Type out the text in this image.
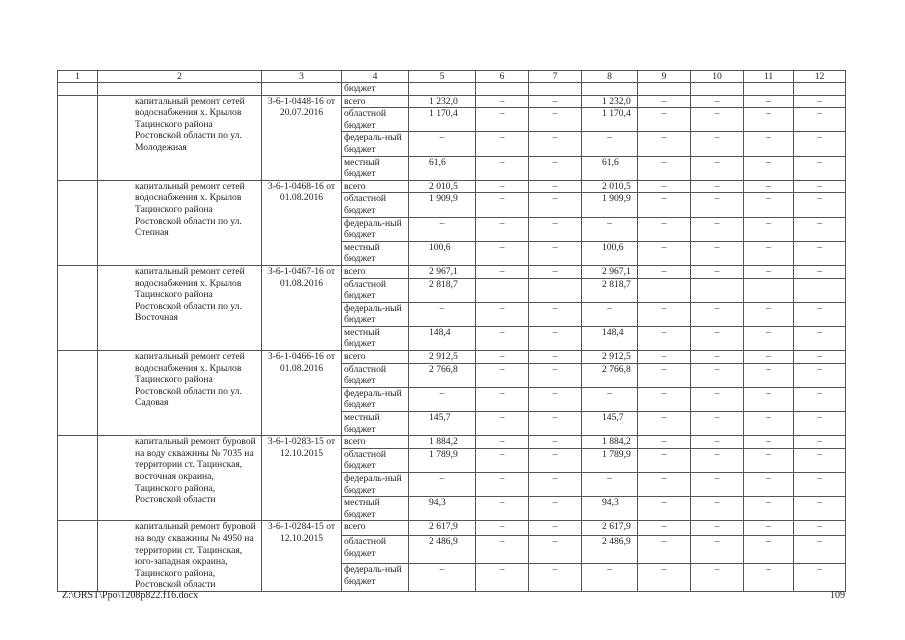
1	2	3	4	5	6	7	8	9	10	11	12
			бюджет								
	капитальный ремонт сетей водоснабжения х. Крылов Тацинского района Ростовской области по ул. Молодежная	3-6-1-0448-16 от 20.07.2016	всего	1 232,0	–	–	1 232,0	–	–	–	–
			областной бюджет	1 170,4	–	–	1 170,4	–	–	–	–
			федераль-ный бюджет	–	–	–	–	–	–	–	–
			местный бюджет	61,6	–	–	61,6	–	–	–	–
	капитальный ремонт сетей водоснабжения х. Крылов Тацинского района Ростовской области по ул. Степная	3-6-1-0468-16 от 01.08.2016	всего	2 010,5	–	–	2 010,5	–	–	–	–
			областной бюджет	1 909,9	–	–	1 909,9	–	–	–	–
			федераль-ный бюджет	–	–	–	–	–	–	–	–
			местный бюджет	100,6	–	–	100,6	–	–	–	–
	капитальный ремонт сетей водоснабжения х. Крылов Тацинского района Ростовской области по ул. Восточная	3-6-1-0467-16 от 01.08.2016	всего	2 967,1	–	–	2 967,1	–	–	–	–
			областной бюджет	2 818,7			2 818,7				
			федераль-ный бюджет	–	–	–	–	–	–	–	–
			местный бюджет	148,4	–	–	148,4	–	–	–	–
	капитальный ремонт сетей водоснабжения х. Крылов Тацинского района Ростовской области по ул. Садовая	3-6-1-0466-16 от 01.08.2016	всего	2 912,5	–	–	2 912,5	–	–	–	–
			областной бюджет	2 766,8	–	–	2 766,8	–	–	–	–
			федераль-ный бюджет	–	–	–	–	–	–	–	–
			местный бюджет	145,7	–	–	145,7	–	–	–	–
	капитальный ремонт буровой на воду скважины № 7035 на территории ст. Тацинская, восточная окраина, Тацинского района, Ростовской области	3-6-1-0283-15 от 12.10.2015	всего	1 884,2	–	–	1 884,2	–	–	–	–
			областной бюджет	1 789,9	–	–	1 789,9	–	–	–	–
			федераль-ный бюджет	–	–	–	–	–	–	–	–
			местный бюджет	94,3	–	–	94,3	–	–	–	–
	капитальный ремонт буровой на воду скважины № 4950 на территории ст. Тацинская, юго-западная окраина, Тацинского района, Ростовской области	3-6-1-0284-15 от 12.10.2015	всего	2 617,9	–	–	2 617,9	–	–	–	–
			областной бюджет	2 486,9	–	–	2 486,9	–	–	–	–
			федераль-ный бюджет	–	–	–	–	–	–	–	–
Z:\ORST\Ppo\1208p822.f16.docx	109
